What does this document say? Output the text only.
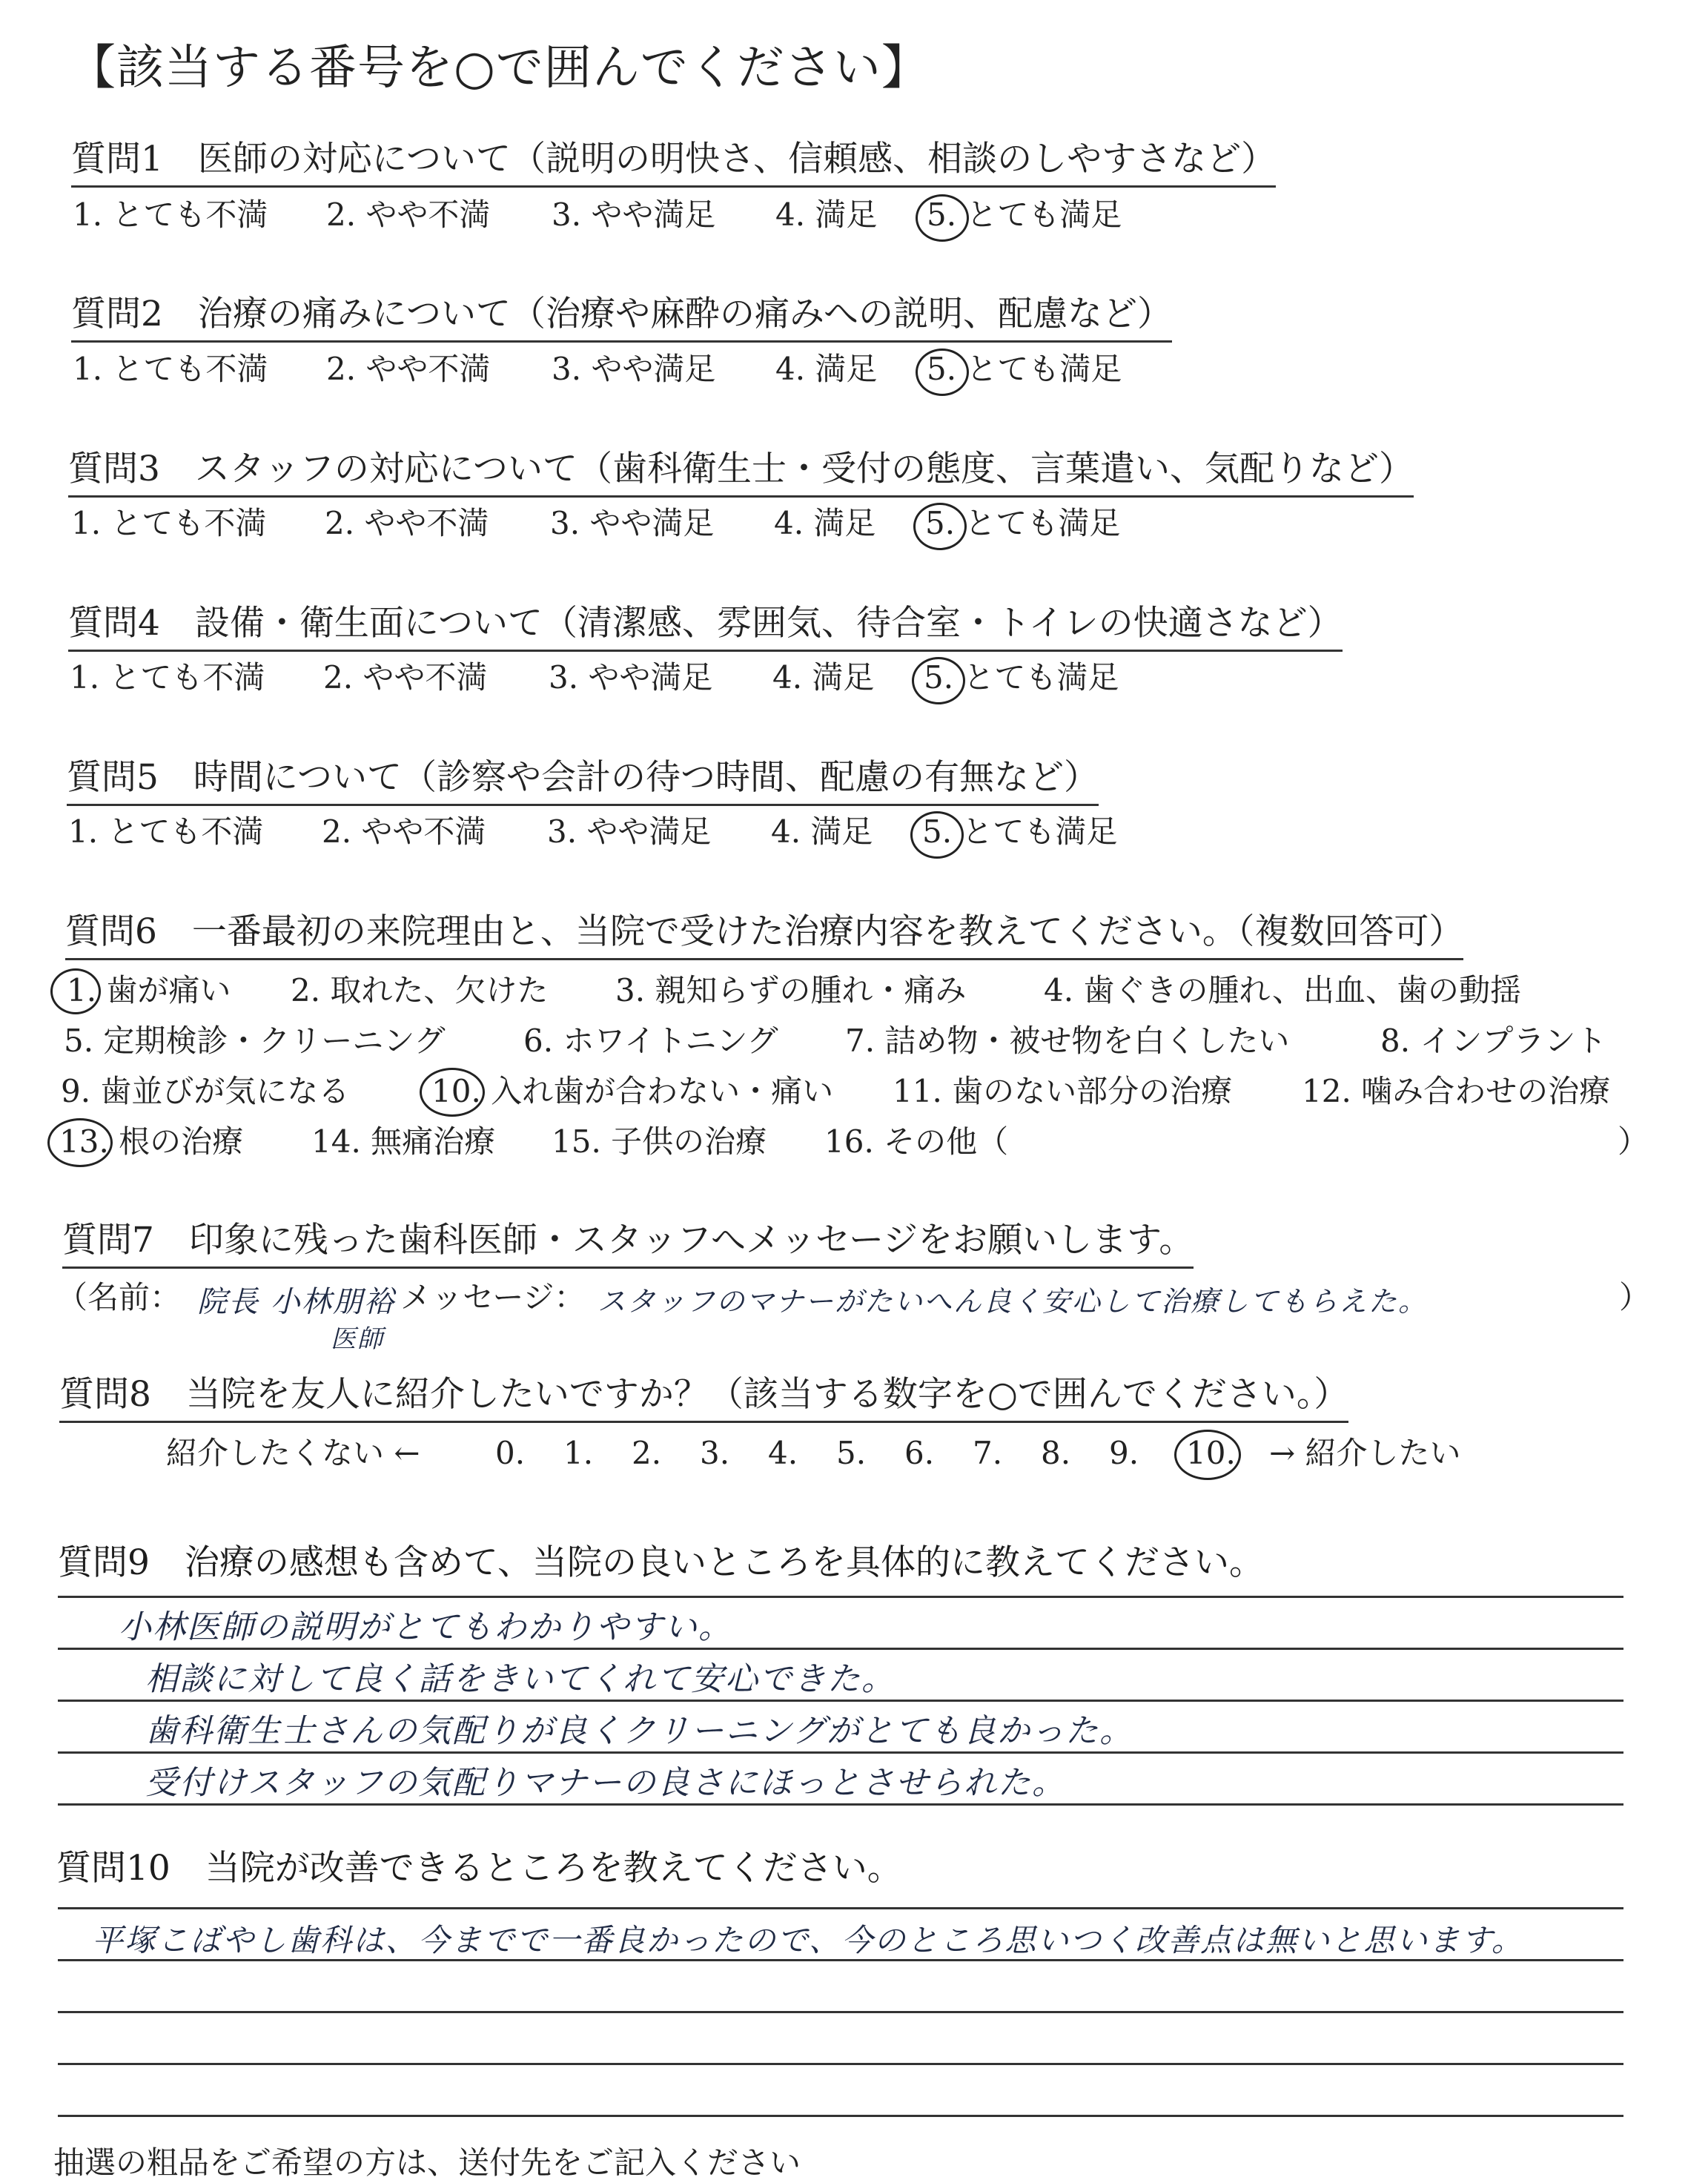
【該当する番号を○で囲んでください】
質問1　医師の対応について（説明の明快さ、信頼感、相談のしやすさなど）
1. とても不満 2. やや不満 3. やや満足 4. 満足 5. とても満足
質問2　治療の痛みについて（治療や麻酔の痛みへの説明、配慮など）
1. とても不満 2. やや不満 3. やや満足 4. 満足 5. とても満足
質問3　スタッフの対応について（歯科衛生士・受付の態度、言葉遣い、気配りなど）
1. とても不満 2. やや不満 3. やや満足 4. 満足 5. とても満足
質問4　設備・衛生面について（清潔感、雰囲気、待合室・トイレの快適さなど）
1. とても不満 2. やや不満 3. やや満足 4. 満足 5. とても満足
質問5　時間について（診察や会計の待つ時間、配慮の有無など）
1. とても不満 2. やや不満 3. やや満足 4. 満足 5. とても満足
質問6　一番最初の来院理由と、当院で受けた治療内容を教えてください。（複数回答可）
1. 歯が痛い 2. 取れた、欠けた 3. 親知らずの腫れ・痛み 4. 歯ぐきの腫れ、出血、歯の動揺
5. 定期検診・クリーニング	6. ホワイトニング 7. 詰め物・被せ物を白くしたい	8. インプラント
9. 歯並びが気になる	10. 入れ歯が合わない・痛い 11. 歯のない部分の治療 12. 噛み合わせの治療
13. 根の治療 14. 無痛治療 15. 子供の治療 16. その他（	）
質問7　印象に残った歯科医師・スタッフへメッセージをお願いします。
（名前： 院長 小林朋裕
医師
メッセージ： スタッフのマナーがたいへん良く安心して治療してもらえた。	）
質問8　当院を友人に紹介したいですか？（該当する数字を○で囲んでください。）
紹介したくない ← 0. 1. 2. 3. 4. 5. 6. 7. 8. 9. 10. → 紹介したい
質問9　治療の感想も含めて、当院の良いところを具体的に教えてください。
小林医師の説明がとてもわかりやすい。
相談に対して良く話をきいてくれて安心できた。
歯科衛生士さんの気配りが良くクリーニングがとても良かった。
受付けスタッフの気配りマナーの良さにほっとさせられた。
質問10　当院が改善できるところを教えてください。
平塚こばやし歯科は、今までで一番良かったので、今のところ思いつく改善点は無いと思います。
抽選の粗品をご希望の方は、送付先をご記入ください
